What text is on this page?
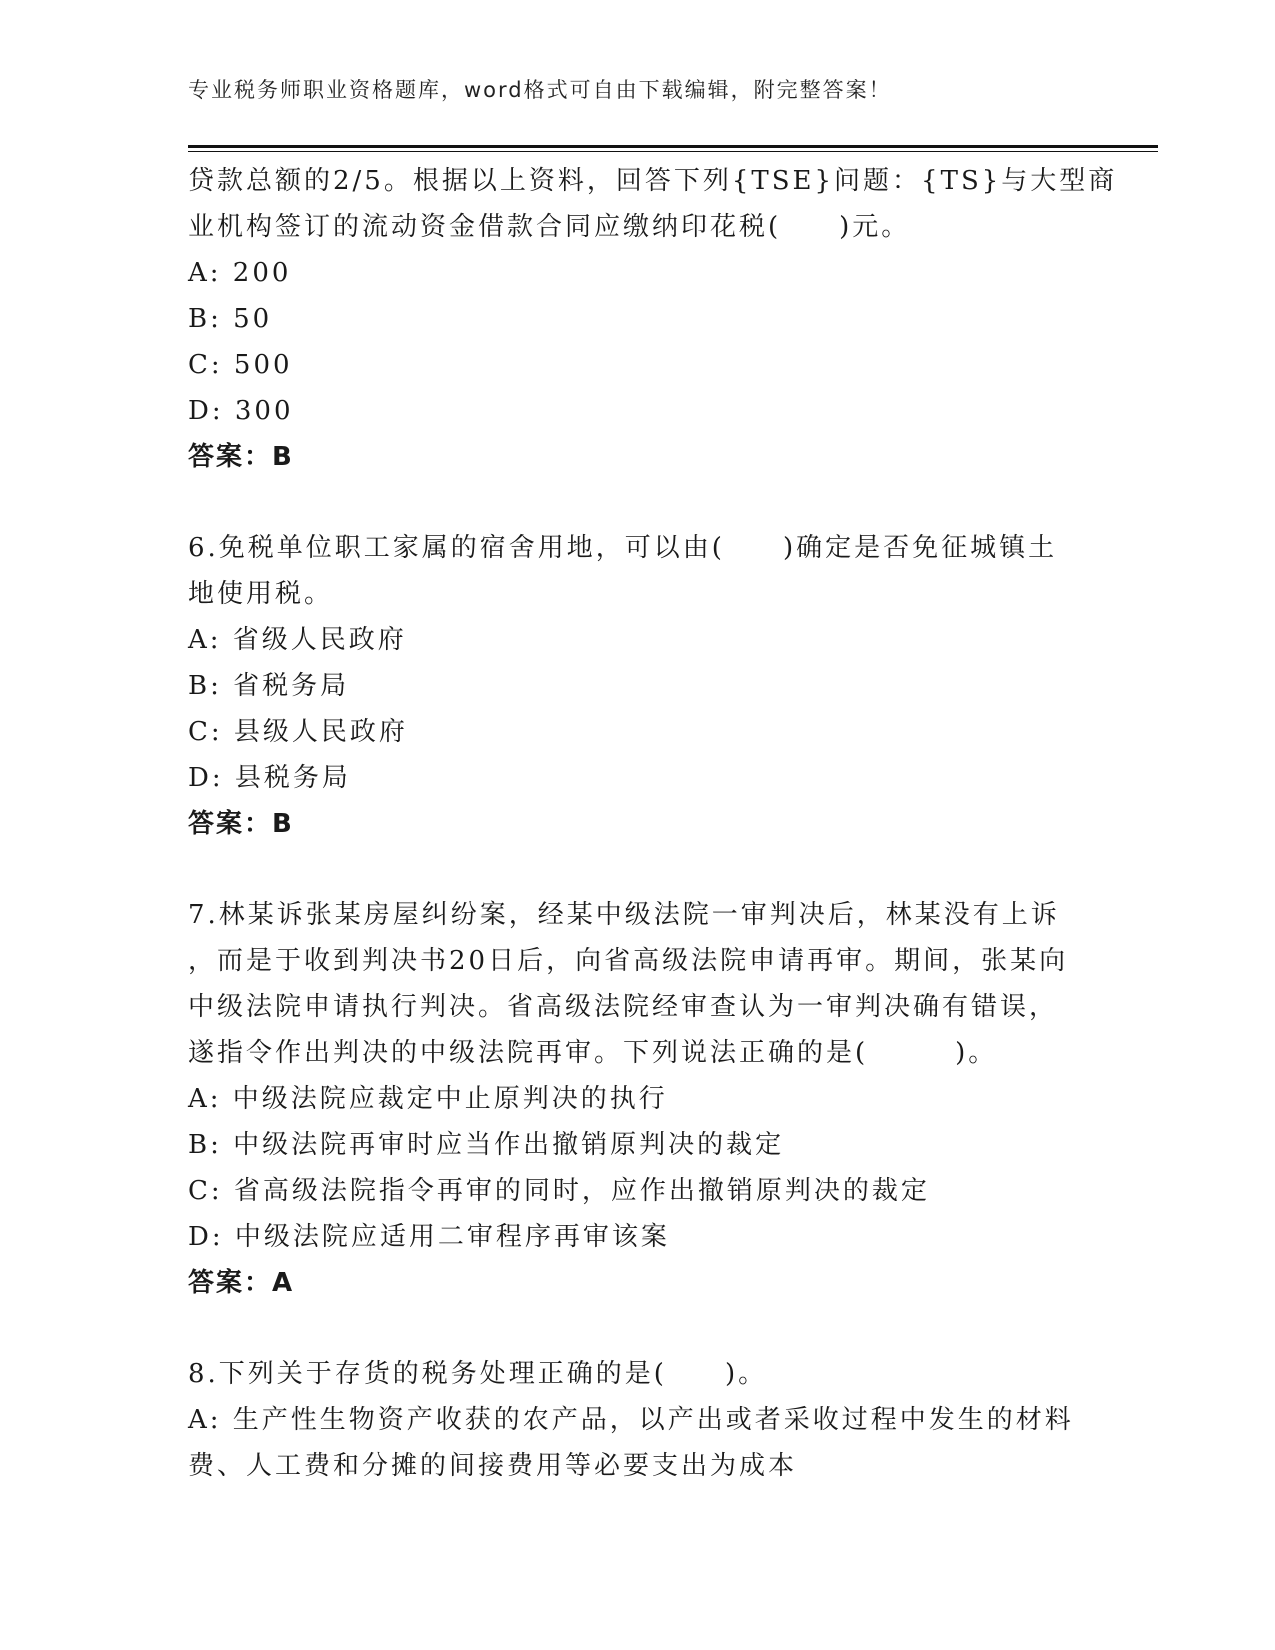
专业税务师职业资格题库，word格式可自由下载编辑，附完整答案！
贷款总额的2/5。根据以上资料，回答下列{TSE}问题：{TS}与大型商
业机构签订的流动资金借款合同应缴纳印花税(　　)元。
A: 200
B: 50
C: 500
D: 300
答案：B
6.免税单位职工家属的宿舍用地，可以由(　　)确定是否免征城镇土
地使用税。
A: 省级人民政府
B: 省税务局
C: 县级人民政府
D: 县税务局
答案：B
7.林某诉张某房屋纠纷案，经某中级法院一审判决后，林某没有上诉
，而是于收到判决书20日后，向省高级法院申请再审。期间，张某向
中级法院申请执行判决。省高级法院经审查认为一审判决确有错误，
遂指令作出判决的中级法院再审。下列说法正确的是(　　　)。
A: 中级法院应裁定中止原判决的执行
B: 中级法院再审时应当作出撤销原判决的裁定
C: 省高级法院指令再审的同时，应作出撤销原判决的裁定
D: 中级法院应适用二审程序再审该案
答案：A
8.下列关于存货的税务处理正确的是(　　)。
A: 生产性生物资产收获的农产品，以产出或者采收过程中发生的材料
费、人工费和分摊的间接费用等必要支出为成本
